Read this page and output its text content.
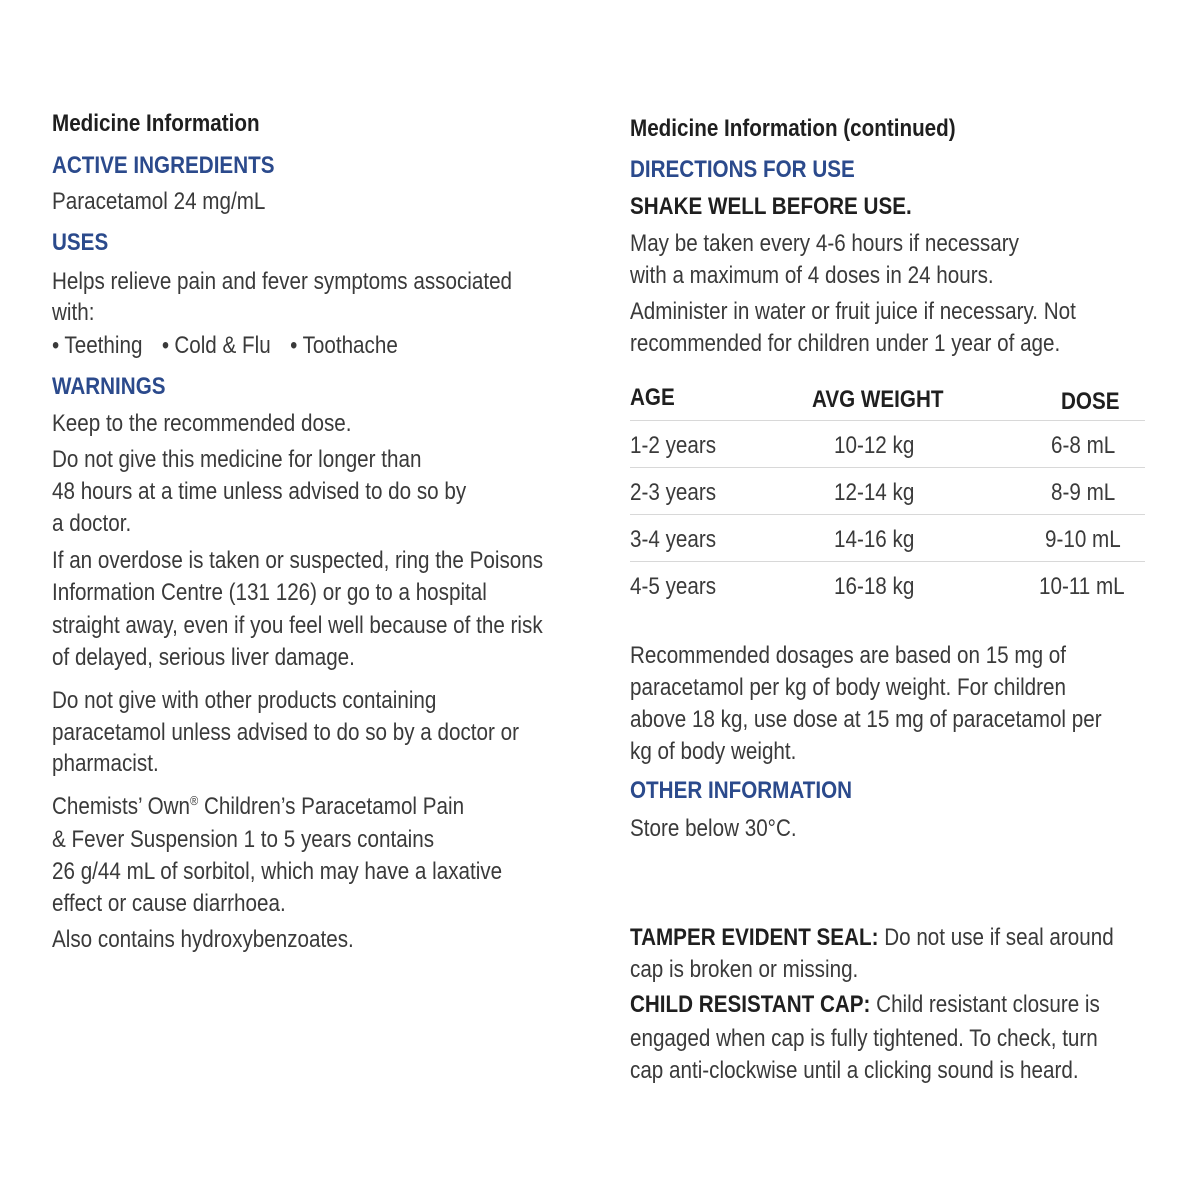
Medicine Information
ACTIVE INGREDIENTS
Paracetamol 24 mg/mL
USES
Helps relieve pain and fever symptoms associated
with:
• Teething • Cold & Flu • Toothache
WARNINGS
Keep to the recommended dose.
Do not give this medicine for longer than
48 hours at a time unless advised to do so by
a doctor.
If an overdose is taken or suspected, ring the Poisons
Information Centre (131 126) or go to a hospital
straight away, even if you feel well because of the risk
of delayed, serious liver damage.
Do not give with other products containing
paracetamol unless advised to do so by a doctor or
pharmacist.
Chemists’ Own® Children’s Paracetamol Pain
& Fever Suspension 1 to 5 years contains
26 g/44 mL of sorbitol, which may have a laxative
effect or cause diarrhoea.
Also contains hydroxybenzoates.
Medicine Information (continued)
DIRECTIONS FOR USE
SHAKE WELL BEFORE USE.
May be taken every 4-6 hours if necessary
with a maximum of 4 doses in 24 hours.
Administer in water or fruit juice if necessary. Not
recommended for children under 1 year of age.
AGE	AVG WEIGHT	DOSE
1-2 years	10-12 kg	6-8 mL
2-3 years	12-14 kg	8-9 mL
3-4 years	14-16 kg	9-10 mL
4-5 years	16-18 kg	10-11 mL
Recommended dosages are based on 15 mg of
paracetamol per kg of body weight. For children
above 18 kg, use dose at 15 mg of paracetamol per
kg of body weight.
OTHER INFORMATION
Store below 30°C.
TAMPER EVIDENT SEAL: Do not use if seal around
cap is broken or missing.
CHILD RESISTANT CAP: Child resistant closure is
engaged when cap is fully tightened. To check, turn
cap anti-clockwise until a clicking sound is heard.
